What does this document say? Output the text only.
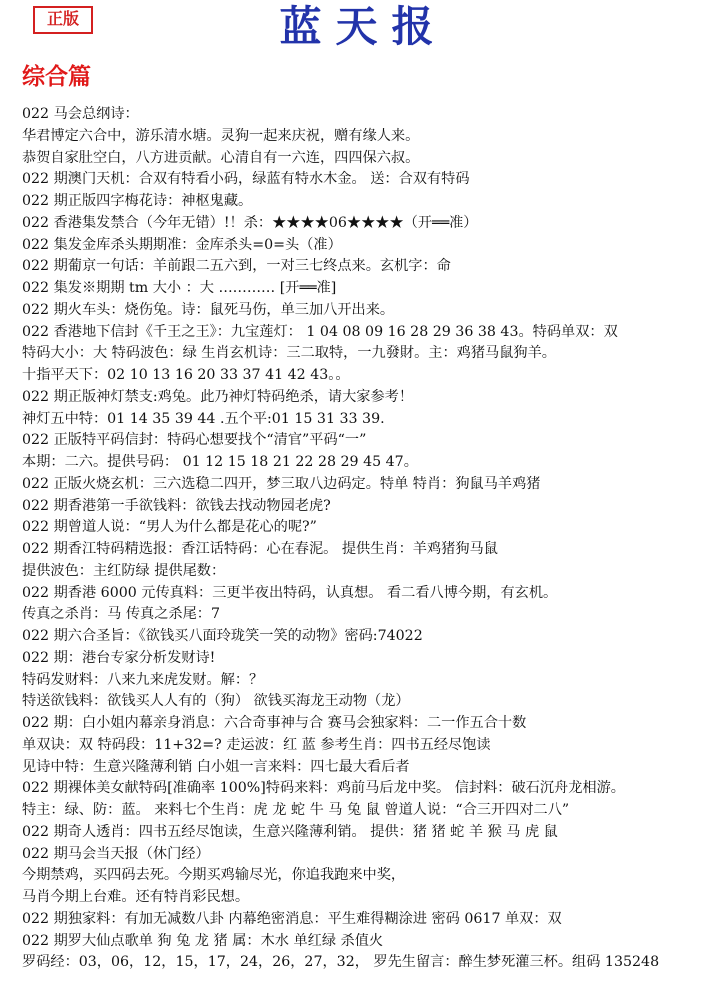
正版	蓝天报
综合篇
022 马会总纲诗：
华君博定六合中，游乐清水塘。灵狗一起来庆祝，赠有缘人来。
恭贺自家肚空白，八方进贡献。心清自有一六连，四四保六叔。
022 期澳门天机：合双有特看小码，绿蓝有特水木金。 送：合双有特码
022 期正版四字梅花诗：神枢鬼藏。
022 香港集发禁合（今年无错）!！杀：★★★★06★★★★（开══准）
022 集发金库杀头期期准：金库杀头=0=头（准）
022 期葡京一句话：羊前跟二五六到，一对三七终点来。玄机字：命
022 集发※期期 tm 大小 ：大 ………… [开══准]
022 期火车头：烧伤兔。诗：鼠死马伤，单三加八开出来。
022 香港地下信封《千王之王》：九宝莲灯： 1 04 08 09 16 28 29 36 38 43。特码单双：双
特码大小：大 特码波色：绿 生肖玄机诗：三二取特，一九發財。主：鸡猪马鼠狗羊。
十指平天下：02 10 13 16 20 33 37 41 42 43。。
022 期正版神灯禁支:鸡兔。此乃神灯特码绝杀，请大家参考！
神灯五中特：01 14 35 39 44 .五个平:01 15 31 33 39.
022 正版特平码信封：特码心想要找个“清官”平码“一”
本期：二六。提供号码： 01 12 15 18 21 22 28 29 45 47。
022 正版火烧玄机：三六选稳二四开，梦三取八边码定。特单 特肖：狗鼠马羊鸡猪
022 期香港第一手欲钱料：欲钱去找动物园老虎?
022 期曾道人说：“男人为什么都是花心的呢?”
022 期香江特码精选报：香江话特码：心在春泥。 提供生肖：羊鸡猪狗马鼠
提供波色：主红防绿 提供尾数：
022 期香港 6000 元传真料：三更半夜出特码，认真想。 看二看八博今期，有玄机。
传真之杀肖：马 传真之杀尾：7
022 期六合圣旨：《欲钱买八面玲珑笑一笑的动物》密码:74022
022 期：港台专家分析发财诗!
特码发财料：八来九来虎发财。解：？
特送欲钱料：欲钱买人人有的（狗） 欲钱买海龙王动物（龙）
022 期：白小姐内幕亲身消息：六合奇事神与合 赛马会独家料：二一作五合十数
单双诀：双 特码段：11+32=? 走运波：红 蓝 参考生肖：四书五经尽饱读
见诗中特：生意兴隆薄利销 白小姐一言来料：四七最大看后者
022 期裸体美女献特码[准确率 100%]特码来料：鸡前马后龙中奖。 信封料：破石沉舟龙相游。
特主：绿、防：蓝。 来料七个生肖：虎 龙 蛇 牛 马 兔 鼠 曾道人说：“合三开四对二八”
022 期奇人透肖：四书五经尽饱读，生意兴隆薄利销。 提供：猪 猪 蛇 羊 猴 马 虎 鼠
022 期马会当天报（休门经）
今期禁鸡，买四码去死。今期买鸡输尽光，你追我跑来中奖，
马肖今期上台难。还有特肖彩民想。
022 期独家料：有加无减数八卦 内幕绝密消息：平生难得糊涂进 密码 0617 单双：双
022 期罗大仙点歌单 狗 兔 龙 猪 属：木水 单红绿 杀值火
罗码经：03，06，12，15，17，24，26，27，32， 罗先生留言：醉生梦死灌三杯。组码 135248
